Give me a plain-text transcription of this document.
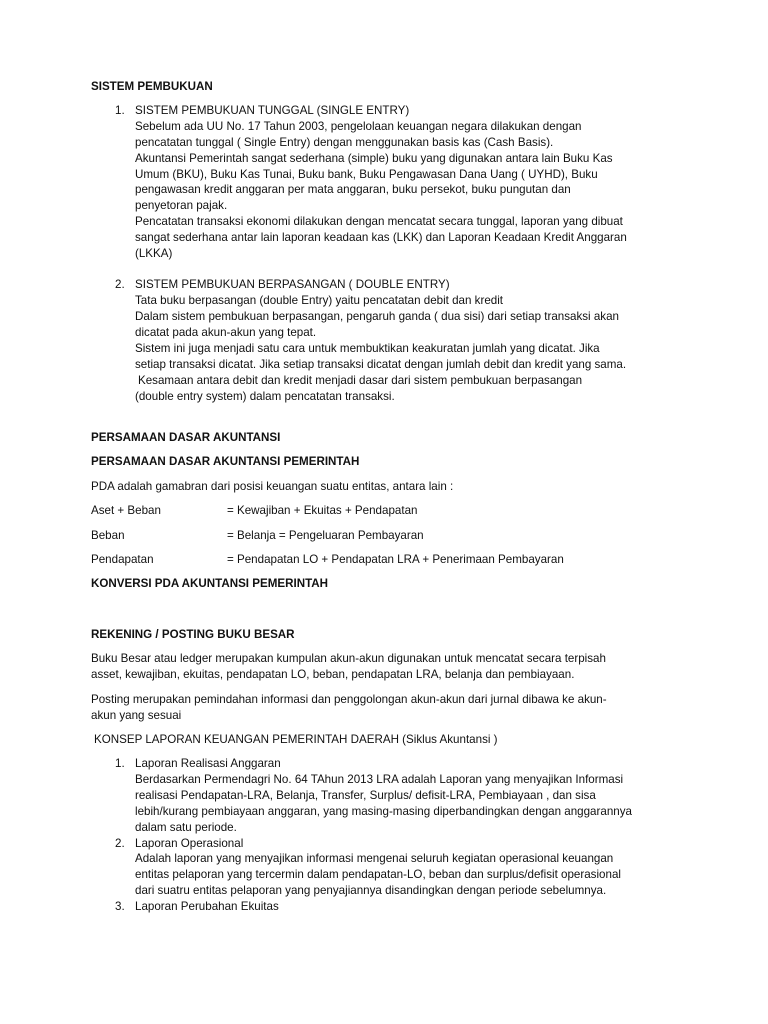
SISTEM PEMBUKUAN
1. SISTEM PEMBUKUAN TUNGGAL (SINGLE ENTRY)
Sebelum ada UU No. 17 Tahun 2003, pengelolaan keuangan negara dilakukan dengan
pencatatan tunggal ( Single Entry) dengan menggunakan basis kas (Cash Basis).
Akuntansi Pemerintah sangat sederhana (simple) buku yang digunakan antara lain Buku Kas
Umum (BKU), Buku Kas Tunai, Buku bank, Buku Pengawasan Dana Uang ( UYHD), Buku
pengawasan kredit anggaran per mata anggaran, buku persekot, buku pungutan dan
penyetoran pajak.
Pencatatan transaksi ekonomi dilakukan dengan mencatat secara tunggal, laporan yang dibuat
sangat sederhana antar lain laporan keadaan kas (LKK) dan Laporan Keadaan Kredit Anggaran
(LKKA)
2. SISTEM PEMBUKUAN BERPASANGAN ( DOUBLE ENTRY)
Tata buku berpasangan (double Entry) yaitu pencatatan debit dan kredit
Dalam sistem pembukuan berpasangan, pengaruh ganda ( dua sisi) dari setiap transaksi akan
dicatat pada akun-akun yang tepat.
Sistem ini juga menjadi satu cara untuk membuktikan keakuratan jumlah yang dicatat. Jika
setiap transaksi dicatat. Jika setiap transaksi dicatat dengan jumlah debit dan kredit yang sama.
Kesamaan antara debit dan kredit menjadi dasar dari sistem pembukuan berpasangan
(double entry system) dalam pencatatan transaksi.
PERSAMAAN DASAR AKUNTANSI
PERSAMAAN DASAR AKUNTANSI PEMERINTAH
PDA adalah gamabran dari posisi keuangan suatu entitas, antara lain :
Aset + Beban	= Kewajiban + Ekuitas + Pendapatan
Beban	= Belanja = Pengeluaran Pembayaran
Pendapatan	= Pendapatan LO + Pendapatan LRA + Penerimaan Pembayaran
KONVERSI PDA AKUNTANSI PEMERINTAH
REKENING / POSTING BUKU BESAR
Buku Besar atau ledger merupakan kumpulan akun-akun digunakan untuk mencatat secara terpisah
asset, kewajiban, ekuitas, pendapatan LO, beban, pendapatan LRA, belanja dan pembiayaan.
Posting merupakan pemindahan informasi dan penggolongan akun-akun dari jurnal dibawa ke akun-
akun yang sesuai
KONSEP LAPORAN KEUANGAN PEMERINTAH DAERAH (Siklus Akuntansi )
1. Laporan Realisasi Anggaran
Berdasarkan Permendagri No. 64 TAhun 2013 LRA adalah Laporan yang menyajikan Informasi
realisasi Pendapatan-LRA, Belanja, Transfer, Surplus/ defisit-LRA, Pembiayaan , dan sisa
lebih/kurang pembiayaan anggaran, yang masing-masing diperbandingkan dengan anggarannya
dalam satu periode.
2. Laporan Operasional
Adalah laporan yang menyajikan informasi mengenai seluruh kegiatan operasional keuangan
entitas pelaporan yang tercermin dalam pendapatan-LO, beban dan surplus/defisit operasional
dari suatru entitas pelaporan yang penyajiannya disandingkan dengan periode sebelumnya.
3. Laporan Perubahan Ekuitas
